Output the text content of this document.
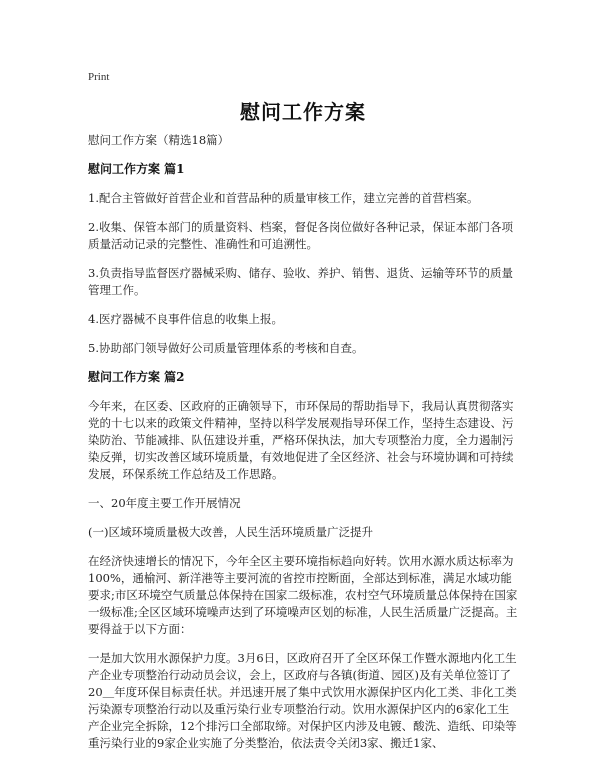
Print
慰问工作方案
慰问工作方案（精选18篇）
慰问工作方案 篇1
1.配合主管做好首营企业和首营品种的质量审核工作，建立完善的首营档案。
2.收集、保管本部门的质量资料、档案，督促各岗位做好各种记录，保证本部门各项质量活动记录的完整性、准确性和可追溯性。
3.负责指导监督医疗器械采购、储存、验收、养护、销售、退货、运输等环节的质量管理工作。
4.医疗器械不良事件信息的收集上报。
5.协助部门领导做好公司质量管理体系的考核和自查。
慰问工作方案 篇2
今年来，在区委、区政府的正确领导下，市环保局的帮助指导下，我局认真贯彻落实党的十七以来的政策文件精神，坚持以科学发展观指导环保工作，坚持生态建设、污染防治、节能减排、队伍建设并重，严格环保执法，加大专项整治力度，全力遏制污染反弹，切实改善区域环境质量，有效地促进了全区经济、社会与环境协调和可持续发展，环保系统工作总结及工作思路。
一、20年度主要工作开展情况
(一)区域环境质量极大改善，人民生活环境质量广泛提升
在经济快速增长的情况下，今年全区主要环境指标趋向好转。饮用水源水质达标率为100%，通榆河、新洋港等主要河流的省控市控断面，全部达到标准，满足水域功能要求;市区环境空气质量总体保持在国家二级标准，农村空气环境质量总体保持在国家一级标准;全区区域环境噪声达到了环境噪声区划的标准，人民生活质量广泛提高。主要得益于以下方面：
一是加大饮用水源保护力度。3月6日，区政府召开了全区环保工作暨水源地内化工生产企业专项整治行动动员会议，会上，区政府与各镇(街道、园区)及有关单位签订了20＿年度环保目标责任状。并迅速开展了集中式饮用水源保护区内化工类、非化工类污染源专项整治行动以及重污染行业专项整治行动。饮用水源保护区内的6家化工生产企业完全拆除，12个排污口全部取缔。对保护区内涉及电镀、酸洗、造纸、印染等重污染行业的9家企业实施了分类整治，依法责令关闭3家、搬迁1家、
